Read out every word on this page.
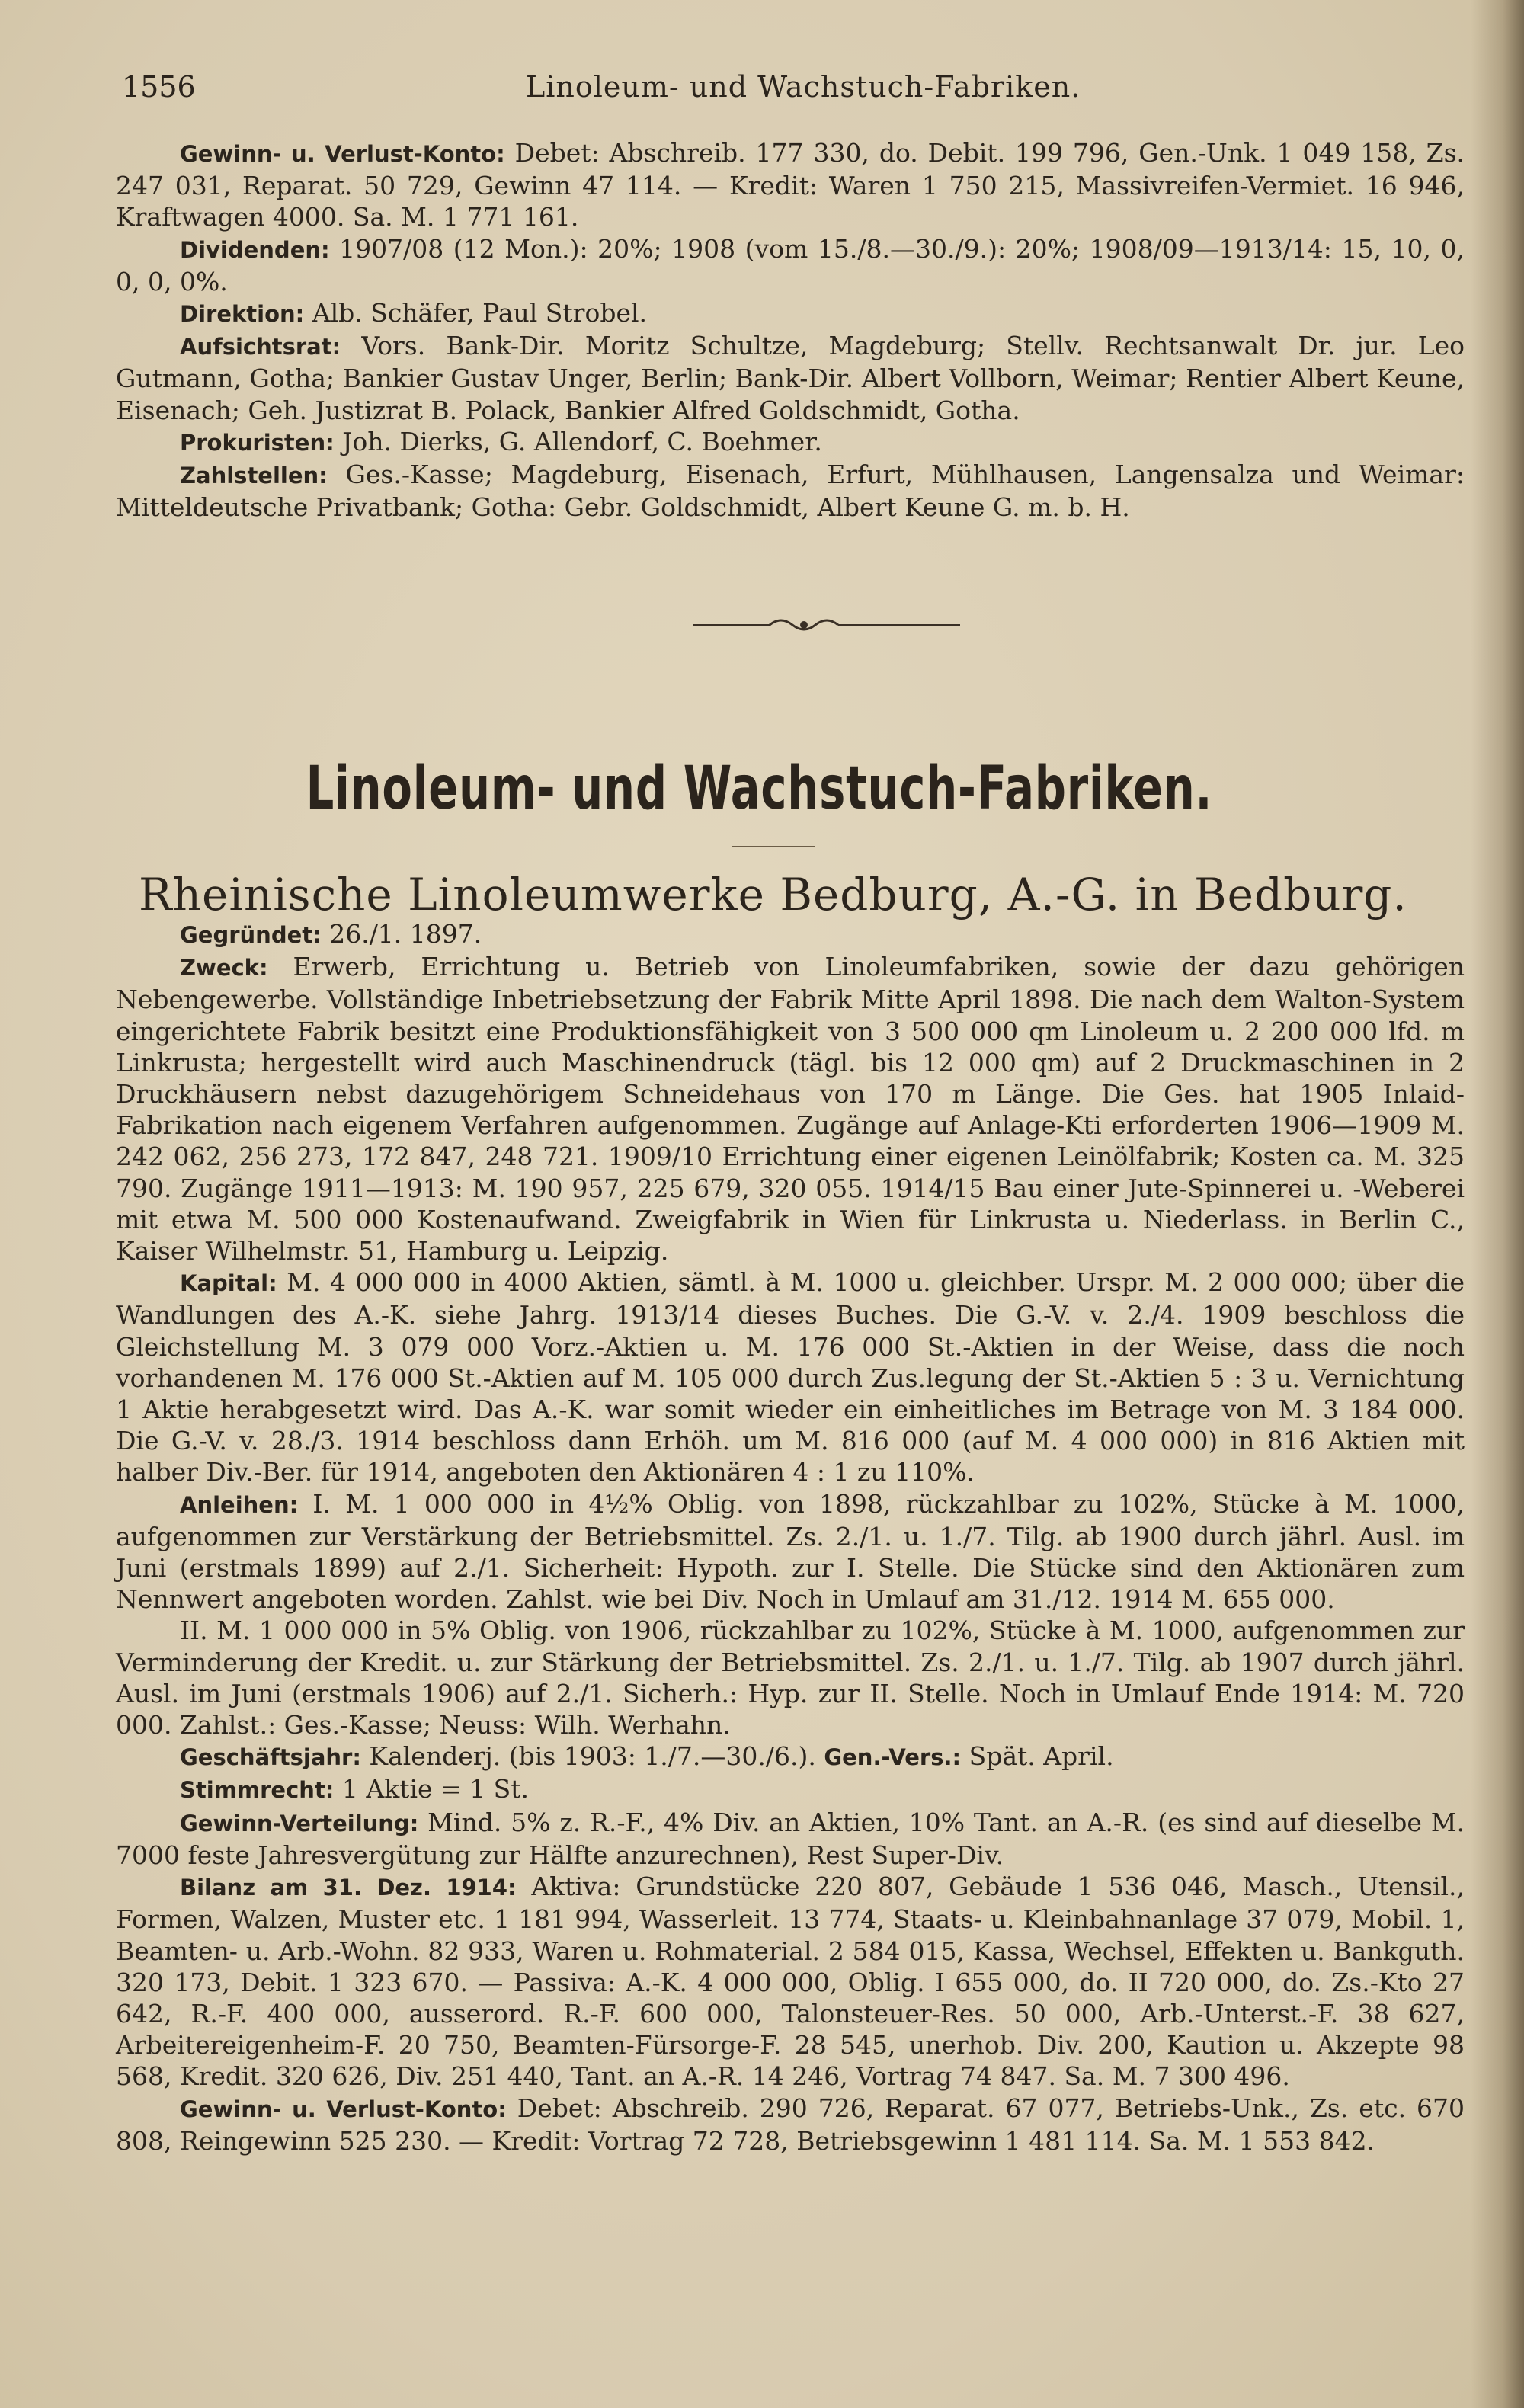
1556	Linoleum- und Wachstuch-Fabriken.

Gewinn- u. Verlust-Konto: Debet: Abschreib. 177 330, do. Debit. 199 796, Gen.-Unk. 1 049 158, Zs. 247 031, Reparat. 50 729, Gewinn 47 114. — Kredit: Waren 1 750 215, Massivreifen-Vermiet. 16 946, Kraftwagen 4000. Sa. M. 1 771 161.

Dividenden: 1907/08 (12 Mon.): 20%; 1908 (vom 15./8.—30./9.): 20%; 1908/09—1913/14: 15, 10, 0, 0, 0, 0%.

Direktion: Alb. Schäfer, Paul Strobel.

Aufsichtsrat: Vors. Bank-Dir. Moritz Schultze, Magdeburg; Stellv. Rechtsanwalt Dr. jur. Leo Gutmann, Gotha; Bankier Gustav Unger, Berlin; Bank-Dir. Albert Vollborn, Weimar; Rentier Albert Keune, Eisenach; Geh. Justizrat B. Polack, Bankier Alfred Goldschmidt, Gotha.

Prokuristen: Joh. Dierks, G. Allendorf, C. Boehmer.

Zahlstellen: Ges.-Kasse; Magdeburg, Eisenach, Erfurt, Mühlhausen, Langensalza und Weimar: Mitteldeutsche Privatbank; Gotha: Gebr. Goldschmidt, Albert Keune G. m. b. H.

Linoleum- und Wachstuch-Fabriken.
Rheinische Linoleumwerke Bedburg, A.-G. in Bedburg.

Gegründet: 26./1. 1897.

Zweck: Erwerb, Errichtung u. Betrieb von Linoleumfabriken, sowie der dazu gehörigen Nebengewerbe. Vollständige Inbetriebsetzung der Fabrik Mitte April 1898. Die nach dem Walton-System eingerichtete Fabrik besitzt eine Produktionsfähigkeit von 3 500 000 qm Linoleum u. 2 200 000 lfd. m Linkrusta; hergestellt wird auch Maschinendruck (tägl. bis 12 000 qm) auf 2 Druckmaschinen in 2 Druckhäusern nebst dazugehörigem Schneidehaus von 170 m Länge. Die Ges. hat 1905 Inlaid-Fabrikation nach eigenem Verfahren aufgenommen. Zugänge auf Anlage-Kti erforderten 1906—1909 M. 242 062, 256 273, 172 847, 248 721. 1909/10 Errichtung einer eigenen Leinölfabrik; Kosten ca. M. 325 790. Zugänge 1911—1913: M. 190 957, 225 679, 320 055. 1914/15 Bau einer Jute-Spinnerei u. -Weberei mit etwa M. 500 000 Kostenaufwand. Zweigfabrik in Wien für Linkrusta u. Niederlass. in Berlin C., Kaiser Wilhelmstr. 51, Hamburg u. Leipzig.

Kapital: M. 4 000 000 in 4000 Aktien, sämtl. à M. 1000 u. gleichber. Urspr. M. 2 000 000; über die Wandlungen des A.-K. siehe Jahrg. 1913/14 dieses Buches. Die G.-V. v. 2./4. 1909 beschloss die Gleichstellung M. 3 079 000 Vorz.-Aktien u. M. 176 000 St.-Aktien in der Weise, dass die noch vorhandenen M. 176 000 St.-Aktien auf M. 105 000 durch Zus.legung der St.-Aktien 5 : 3 u. Vernichtung 1 Aktie herabgesetzt wird. Das A.-K. war somit wieder ein einheitliches im Betrage von M. 3 184 000. Die G.-V. v. 28./3. 1914 beschloss dann Erhöh. um M. 816 000 (auf M. 4 000 000) in 816 Aktien mit halber Div.-Ber. für 1914, angeboten den Aktionären 4 : 1 zu 110%.

Anleihen: I. M. 1 000 000 in 4½% Oblig. von 1898, rückzahlbar zu 102%, Stücke à M. 1000, aufgenommen zur Verstärkung der Betriebsmittel. Zs. 2./1. u. 1./7. Tilg. ab 1900 durch jährl. Ausl. im Juni (erstmals 1899) auf 2./1. Sicherheit: Hypoth. zur I. Stelle. Die Stücke sind den Aktionären zum Nennwert angeboten worden. Zahlst. wie bei Div. Noch in Umlauf am 31./12. 1914 M. 655 000.

II. M. 1 000 000 in 5% Oblig. von 1906, rückzahlbar zu 102%, Stücke à M. 1000, aufgenommen zur Verminderung der Kredit. u. zur Stärkung der Betriebsmittel. Zs. 2./1. u. 1./7. Tilg. ab 1907 durch jährl. Ausl. im Juni (erstmals 1906) auf 2./1. Sicherh.: Hyp. zur II. Stelle. Noch in Umlauf Ende 1914: M. 720 000. Zahlst.: Ges.-Kasse; Neuss: Wilh. Werhahn.

Geschäftsjahr: Kalenderj. (bis 1903: 1./7.—30./6.). Gen.-Vers.: Spät. April.

Stimmrecht: 1 Aktie = 1 St.

Gewinn-Verteilung: Mind. 5% z. R.-F., 4% Div. an Aktien, 10% Tant. an A.-R. (es sind auf dieselbe M. 7000 feste Jahresvergütung zur Hälfte anzurechnen), Rest Super-Div.

Bilanz am 31. Dez. 1914: Aktiva: Grundstücke 220 807, Gebäude 1 536 046, Masch., Utensil., Formen, Walzen, Muster etc. 1 181 994, Wasserleit. 13 774, Staats- u. Kleinbahnanlage 37 079, Mobil. 1, Beamten- u. Arb.-Wohn. 82 933, Waren u. Rohmaterial. 2 584 015, Kassa, Wechsel, Effekten u. Bankguth. 320 173, Debit. 1 323 670. — Passiva: A.-K. 4 000 000, Oblig. I 655 000, do. II 720 000, do. Zs.-Kto 27 642, R.-F. 400 000, ausserord. R.-F. 600 000, Talonsteuer-Res. 50 000, Arb.-Unterst.-F. 38 627, Arbeitereigenheim-F. 20 750, Beamten-Fürsorge-F. 28 545, unerhob. Div. 200, Kaution u. Akzepte 98 568, Kredit. 320 626, Div. 251 440, Tant. an A.-R. 14 246, Vortrag 74 847. Sa. M. 7 300 496.

Gewinn- u. Verlust-Konto: Debet: Abschreib. 290 726, Reparat. 67 077, Betriebs-Unk., Zs. etc. 670 808, Reingewinn 525 230. — Kredit: Vortrag 72 728, Betriebsgewinn 1 481 114. Sa. M. 1 553 842.
